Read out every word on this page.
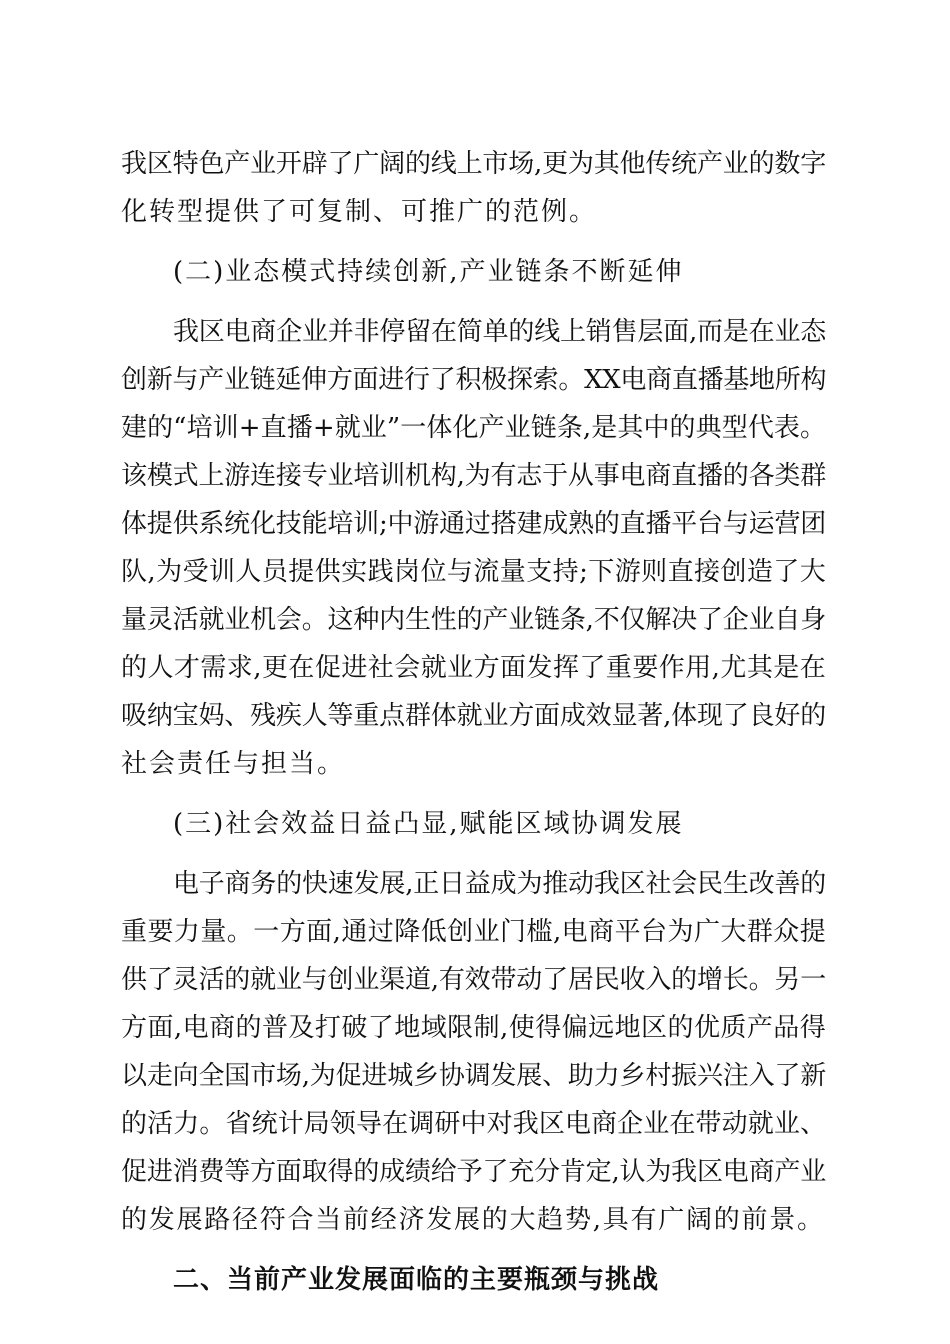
我区特色产业开辟了广阔的线上市场,更为其他传统产业的数字
化转型提供了可复制、可推广的范例。
(二)业态模式持续创新,产业链条不断延伸
我区电商企业并非停留在简单的线上销售层面,而是在业态
创新与产业链延伸方面进行了积极探索。XX电商直播基地所构
建的“培训+直播+就业”一体化产业链条,是其中的典型代表。
该模式上游连接专业培训机构,为有志于从事电商直播的各类群
体提供系统化技能培训;中游通过搭建成熟的直播平台与运营团
队,为受训人员提供实践岗位与流量支持;下游则直接创造了大
量灵活就业机会。这种内生性的产业链条,不仅解决了企业自身
的人才需求,更在促进社会就业方面发挥了重要作用,尤其是在
吸纳宝妈、残疾人等重点群体就业方面成效显著,体现了良好的
社会责任与担当。
(三)社会效益日益凸显,赋能区域协调发展
电子商务的快速发展,正日益成为推动我区社会民生改善的
重要力量。一方面,通过降低创业门槛,电商平台为广大群众提
供了灵活的就业与创业渠道,有效带动了居民收入的增长。另一
方面,电商的普及打破了地域限制,使得偏远地区的优质产品得
以走向全国市场,为促进城乡协调发展、助力乡村振兴注入了新
的活力。省统计局领导在调研中对我区电商企业在带动就业、
促进消费等方面取得的成绩给予了充分肯定,认为我区电商产业
的发展路径符合当前经济发展的大趋势,具有广阔的前景。
二、当前产业发展面临的主要瓶颈与挑战
